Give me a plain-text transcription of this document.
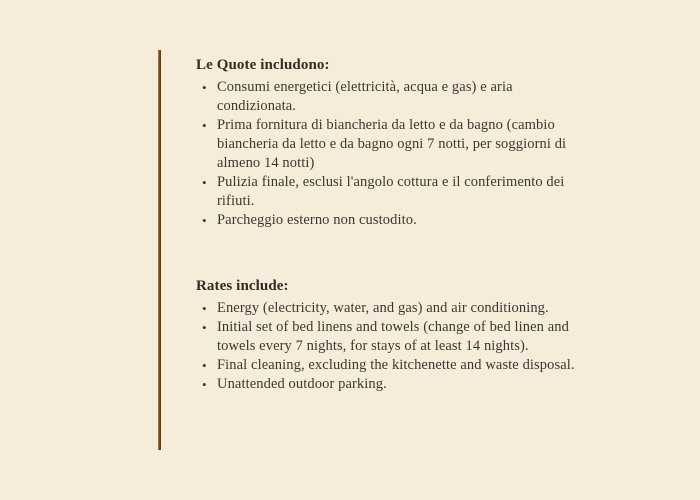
Le Quote includono:

• Consumi energetici (elettricità, acqua e gas) e aria condizionata.
• Prima fornitura di biancheria da letto e da bagno (cambio biancheria da letto e da bagno ogni 7 notti, per soggiorni di almeno 14 notti)
• Pulizia finale, esclusi l'angolo cottura e il conferimento dei rifiuti.
• Parcheggio esterno non custodito.

Rates include:

• Energy (electricity, water, and gas) and air conditioning.
• Initial set of bed linens and towels (change of bed linen and towels every 7 nights, for stays of at least 14 nights).
• Final cleaning, excluding the kitchenette and waste disposal.
• Unattended outdoor parking.
